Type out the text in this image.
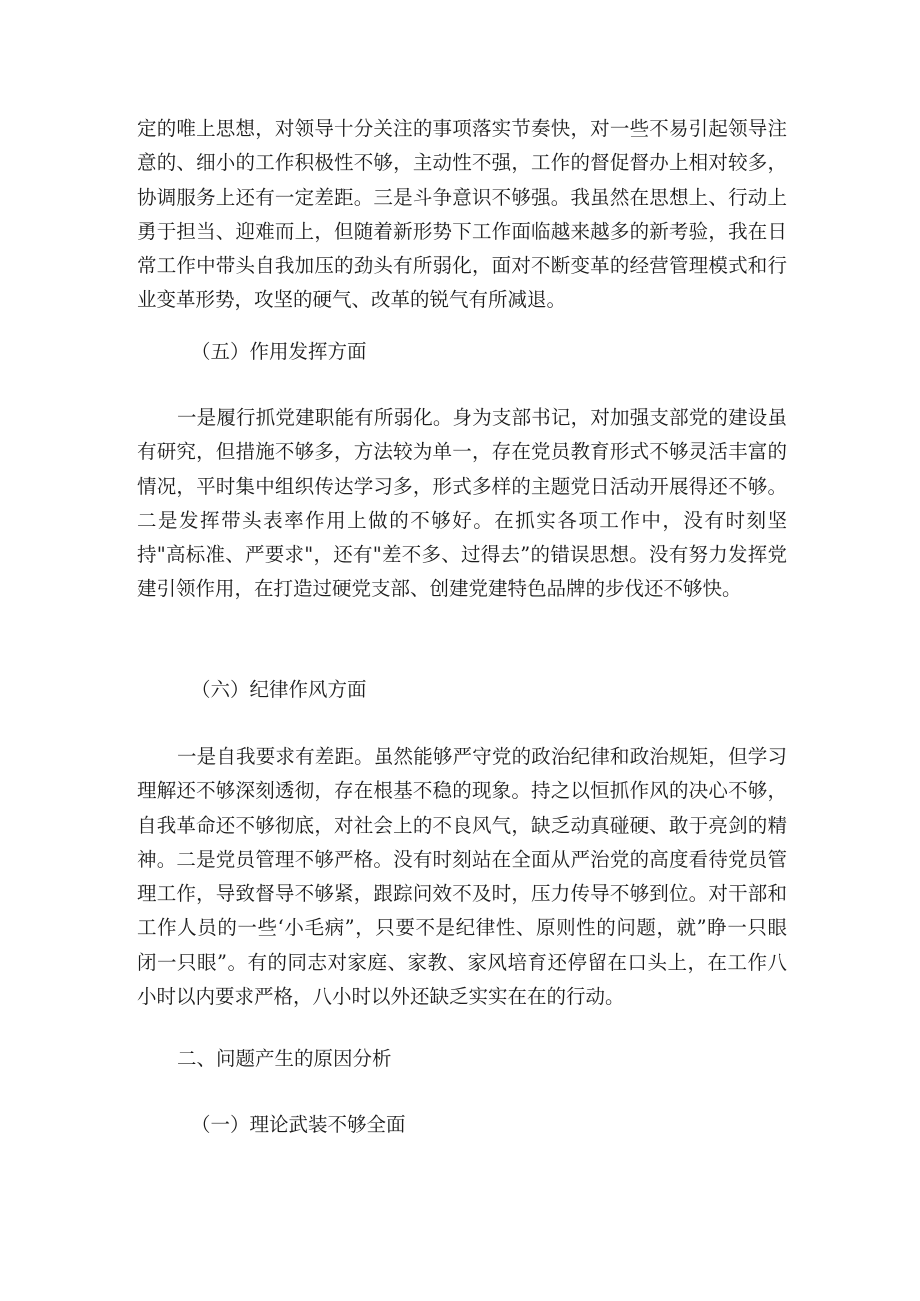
定的唯上思想，对领导十分关注的事项落实节奏快，对一些不易引起领导注意的、细小的工作积极性不够，主动性不强，工作的督促督办上相对较多，协调服务上还有一定差距。三是斗争意识不够强。我虽然在思想上、行动上勇于担当、迎难而上，但随着新形势下工作面临越来越多的新考验，我在日常工作中带头自我加压的劲头有所弱化，面对不断变革的经营管理模式和行业变革形势，攻坚的硬气、改革的锐气有所减退。

（五）作用发挥方面

一是履行抓党建职能有所弱化。身为支部书记，对加强支部党的建设虽有研究，但措施不够多，方法较为单一，存在党员教育形式不够灵活丰富的情况，平时集中组织传达学习多，形式多样的主题党日活动开展得还不够。二是发挥带头表率作用上做的不够好。在抓实各项工作中，没有时刻坚持"高标准、严要求"，还有"差不多、过得去”的错误思想。没有努力发挥党建引领作用，在打造过硬党支部、创建党建特色品牌的步伐还不够快。

（六）纪律作风方面

一是自我要求有差距。虽然能够严守党的政治纪律和政治规矩，但学习理解还不够深刻透彻，存在根基不稳的现象。持之以恒抓作风的决心不够，自我革命还不够彻底，对社会上的不良风气，缺乏动真碰硬、敢于亮剑的精神。二是党员管理不够严格。没有时刻站在全面从严治党的高度看待党员管理工作，导致督导不够紧，跟踪问效不及时，压力传导不够到位。对干部和工作人员的一些‘小毛病”，只要不是纪律性、原则性的问题，就”睁一只眼闭一只眼”。有的同志对家庭、家教、家风培育还停留在口头上，在工作八小时以内要求严格，八小时以外还缺乏实实在在的行动。

二、问题产生的原因分析

（一）理论武装不够全面
